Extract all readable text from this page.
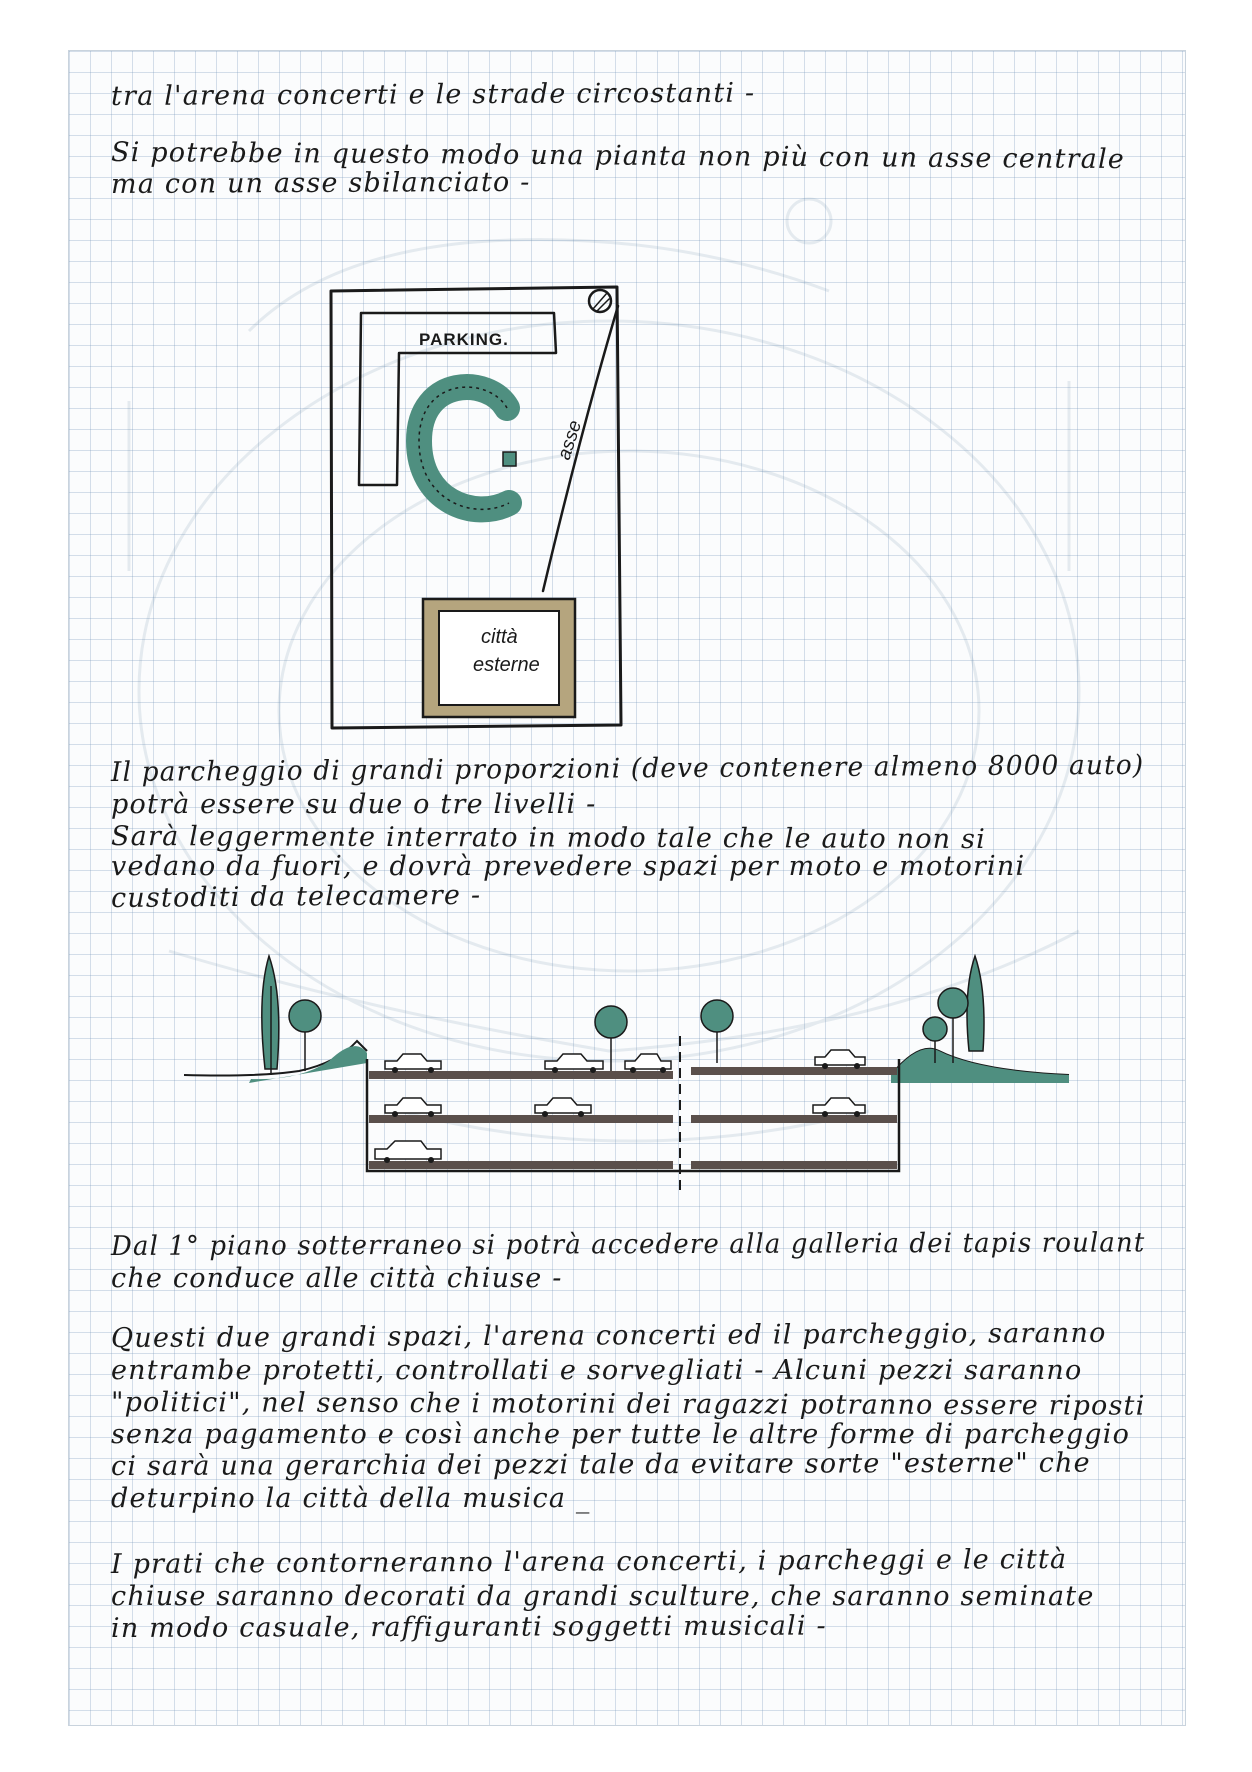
tra l'arena concerti e le strade circostanti -

Si potrebbe in questo modo una pianta non più con un asse centrale

ma con un asse sbilanciato -

Il parcheggio di grandi proporzioni (deve contenere almeno 8000 auto)

potrà essere su due o tre livelli -

Sarà leggermente interrato in modo tale che le auto non si

vedano da fuori, e dovrà prevedere spazi per moto e motorini

custoditi da telecamere -

Dal 1° piano sotterraneo si potrà accedere alla galleria dei tapis roulant

che conduce alle città chiuse -

Questi due grandi spazi, l'arena concerti ed il parcheggio, saranno

entrambe protetti, controllati e sorvegliati - Alcuni pezzi saranno

"politici", nel senso che i motorini dei ragazzi potranno essere riposti

senza pagamento e così anche per tutte le altre forme di parcheggio

ci sarà una gerarchia dei pezzi tale da evitare sorte "esterne" che

deturpino la città della musica _

I prati che contorneranno l'arena concerti, i parcheggi e le città

chiuse saranno decorati da grandi sculture, che saranno seminate

in modo casuale, raffiguranti soggetti musicali -

PARKING.
asse
città
esterne
